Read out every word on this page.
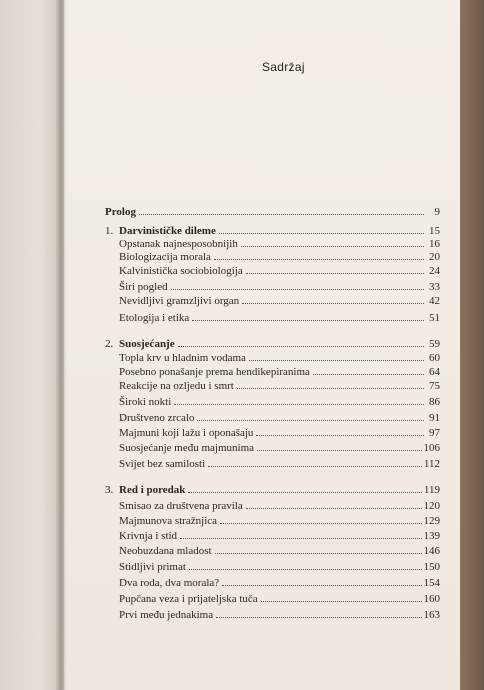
Sadržaj
Prolog	9
1. Darvinističke dileme	15
Opstanak najnesposobnijih	16
Biologizacija morala	20
Kalvinistička sociobiologija	24
Širi pogled	33
Nevidljivi gramzljivi organ	42
Etologija i etika	51
2. Suosjećanje	59
Topla krv u hladnim vodama	60
Posebno ponašanje prema hendikepiranima	64
Reakcije na ozljedu i smrt	75
Široki nokti	86
Društveno zrcalo	91
Majmuni koji lažu i oponašaju	97
Suosjećanje među majmunima	106
Svijet bez samilosti	112
3. Red i poredak	119
Smisao za društvena pravila	120
Majmunova stražnjica	129
Krivnja i stid	139
Neobuzdana mladost	146
Stidljivi primat	150
Dva roda, dva morala?	154
Pupčana veza i prijateljska tuča	160
Prvi među jednakima	163
